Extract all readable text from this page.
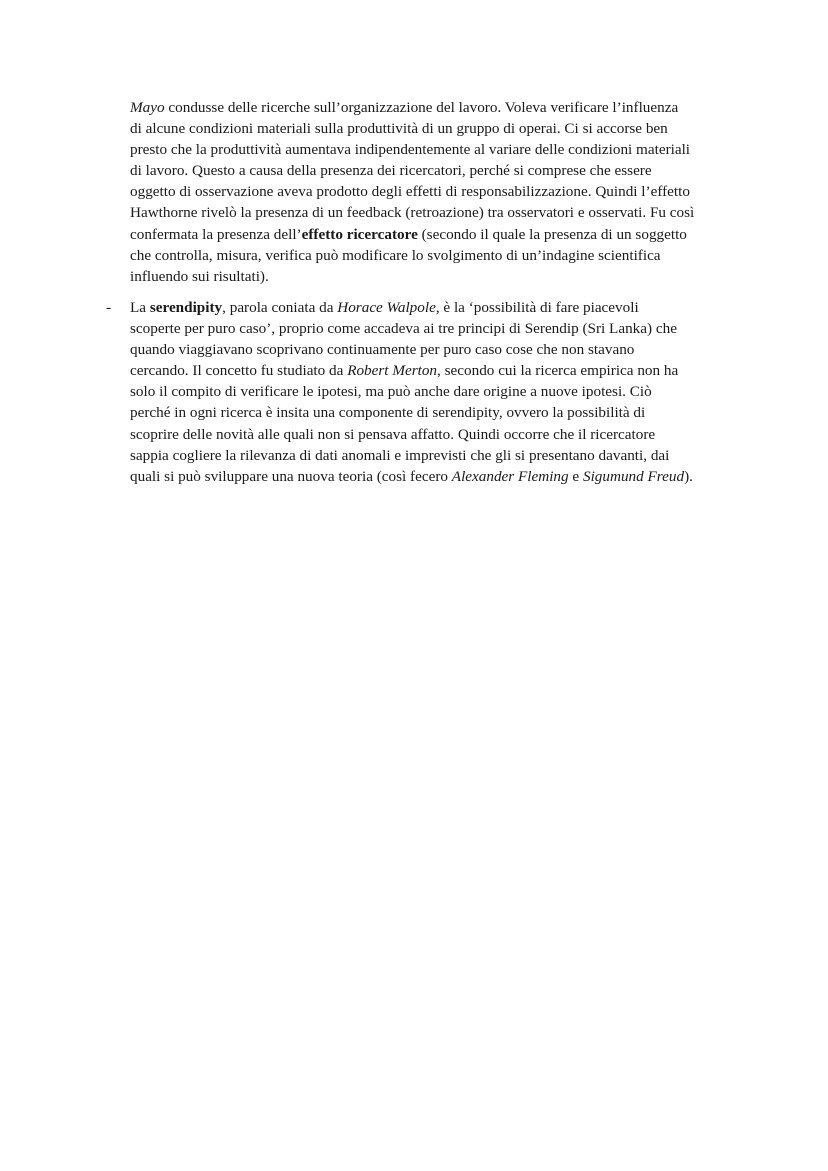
Mayo condusse delle ricerche sull’organizzazione del lavoro. Voleva verificare l’influenza
di alcune condizioni materiali sulla produttività di un gruppo di operai. Ci si accorse ben
presto che la produttività aumentava indipendentemente al variare delle condizioni materiali
di lavoro. Questo a causa della presenza dei ricercatori, perché si comprese che essere
oggetto di osservazione aveva prodotto degli effetti di responsabilizzazione. Quindi l’effetto
Hawthorne rivelò la presenza di un feedback (retroazione) tra osservatori e osservati. Fu così
confermata la presenza dell’effetto ricercatore (secondo il quale la presenza di un soggetto
che controlla, misura, verifica può modificare lo svolgimento di un’indagine scientifica
influendo sui risultati).
- La serendipity, parola coniata da Horace Walpole, è la ‘possibilità di fare piacevoli
scoperte per puro caso’, proprio come accadeva ai tre principi di Serendip (Sri Lanka) che
quando viaggiavano scoprivano continuamente per puro caso cose che non stavano
cercando. Il concetto fu studiato da Robert Merton, secondo cui la ricerca empirica non ha
solo il compito di verificare le ipotesi, ma può anche dare origine a nuove ipotesi. Ciò
perché in ogni ricerca è insita una componente di serendipity, ovvero la possibilità di
scoprire delle novità alle quali non si pensava affatto. Quindi occorre che il ricercatore
sappia cogliere la rilevanza di dati anomali e imprevisti che gli si presentano davanti, dai
quali si può sviluppare una nuova teoria (così fecero Alexander Fleming e Sigumund Freud).
